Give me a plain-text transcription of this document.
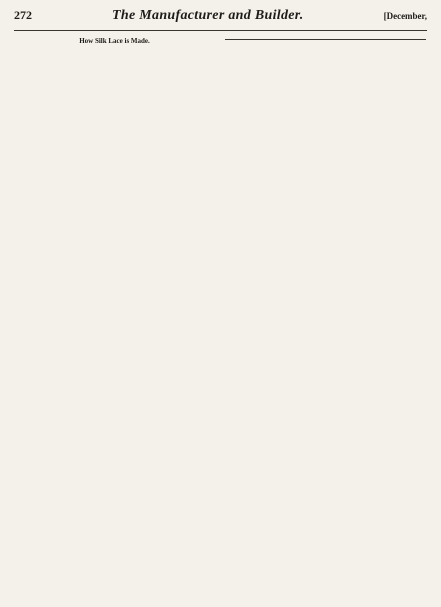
272	The Manufacturer and Builder.	[December,
How Silk Lace is Made.
